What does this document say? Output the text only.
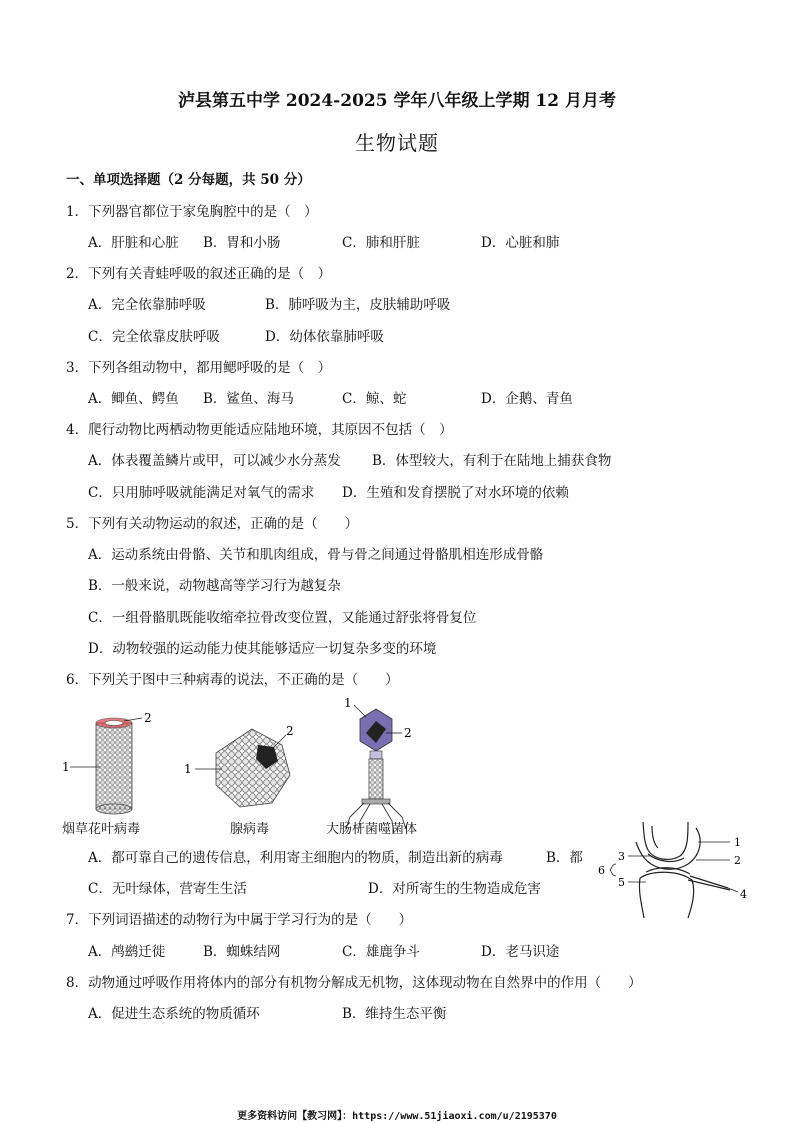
泸县第五中学 2024-2025 学年八年级上学期 12 月月考
生物试题
一、单项选择题（2 分每题，共 50 分）
1．下列器官都位于家兔胸腔中的是（　）
A．肝脏和心脏 B．胃和小肠	C．肺和肝脏	D．心脏和肺
2．下列有关青蛙呼吸的叙述正确的是（　）
A．完全依靠肺呼吸	B．肺呼吸为主，皮肤辅助呼吸
C．完全依靠皮肤呼吸	D．幼体依靠肺呼吸
3．下列各组动物中，都用鳃呼吸的是（　）
A．鲫鱼、鳄鱼 B．鲨鱼、海马	C．鲸、蛇	D．企鹅、青鱼
4．爬行动物比两栖动物更能适应陆地环境，其原因不包括（　）
A．体表覆盖鳞片或甲，可以减少水分蒸发 B．体型较大，有利于在陆地上捕获食物
C．只用肺呼吸就能满足对氧气的需求 D．生殖和发育摆脱了对水环境的依赖
5．下列有关动物运动的叙述，正确的是（　　）
A．运动系统由骨骼、关节和肌肉组成，骨与骨之间通过骨骼肌相连形成骨骼
B．一般来说，动物越高等学习行为越复杂
C．一组骨骼肌既能收缩牵拉骨改变位置，又能通过舒张将骨复位
D．动物较强的运动能力使其能够适应一切复杂多变的环境
6．下列关于图中三种病毒的说法，不正确的是（　　）
2
1
2
1
1
2
烟草花叶病毒	腺病毒	大肠杆菌噬菌体
A．都可靠自己的遗传信息，利用寄主细胞内的物质，制造出新的病毒	B．都
C．无叶绿体，营寄生生活	D．对所寄生的生物造成危害
1
2
3
4
5
6
7．下列词语描述的动物行为中属于学习行为的是（　　）
A．鸬鹚迁徙	B．蜘蛛结网	C．雄鹿争斗	D．老马识途
8．动物通过呼吸作用将体内的部分有机物分解成无机物，这体现动物在自然界中的作用（　　）
A．促进生态系统的物质循环	B．维持生态平衡
更多资料访问【教习网】：https://www.51jiaoxi.com/u/2195370
